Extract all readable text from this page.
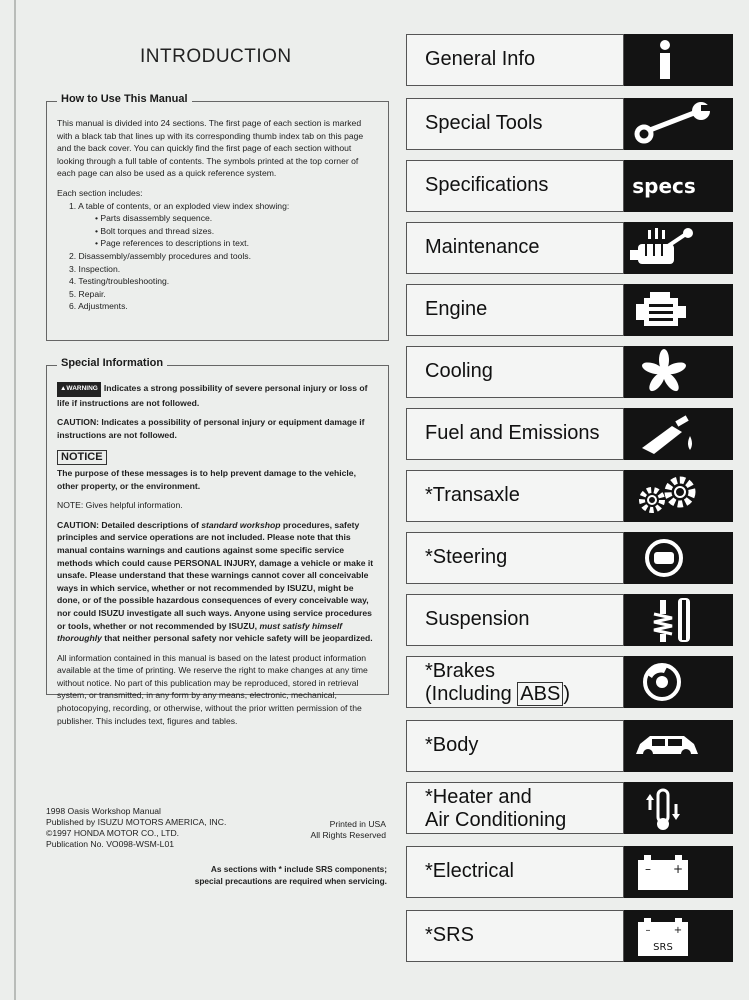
INTRODUCTION
How to Use This Manual

This manual is divided into 24 sections. The first page of each section is marked with a black tab that lines up with its corresponding thumb index tab on this page and the back cover. You can quickly find the first page of each section without looking through a full table of contents. The symbols printed at the top corner of each page can also be used as a quick reference system.

Each section includes:
1. A table of contents, or an exploded view index showing:
• Parts disassembly sequence.
• Bolt torques and thread sizes.
• Page references to descriptions in text.
2. Disassembly/assembly procedures and tools.
3. Inspection.
4. Testing/troubleshooting.
5. Repair.
6. Adjustments.
Special Information

▲WARNING Indicates a strong possibility of severe personal injury or loss of life if instructions are not followed.

CAUTION: Indicates a possibility of personal injury or equipment damage if instructions are not followed.

NOTICE

The purpose of these messages is to help prevent damage to the vehicle, other property, or the environment.

NOTE: Gives helpful information.

CAUTION: Detailed descriptions of standard workshop procedures, safety principles and service operations are not included. Please note that this manual contains warnings and cautions against some specific service methods which could cause PERSONAL INJURY, damage a vehicle or make it unsafe. Please understand that these warnings cannot cover all conceivable ways in which service, whether or not recommended by ISUZU, might be done, or of the possible hazardous consequences of every conceivable way, nor could ISUZU investigate all such ways. Anyone using service procedures or tools, whether or not recommended by ISUZU, must satisfy himself thoroughly that neither personal safety nor vehicle safety will be jeopardized.

All information contained in this manual is based on the latest product information available at the time of printing. We reserve the right to make changes at any time without notice. No part of this publication may be reproduced, stored in retrieval system, or transmitted, in any form by any means, electronic, mechanical, photocopying, recording, or otherwise, without the prior written permission of the publisher. This includes text, figures and tables.

1998 Oasis Workshop Manual
Published by ISUZU MOTORS AMERICA, INC.
©1997 HONDA MOTOR CO., LTD.
Publication No. VO098-WSM-L01
Printed in USA
All Rights Reserved
As sections with * include SRS components;
special precautions are required when servicing.
General Info
Special Tools
Specifications	specs
Maintenance
Engine
Cooling
Fuel and Emissions
*Transaxle
*Steering
Suspension
*Brakes
(Including ABS )
*Body
*Heater and
Air Conditioning
*Electrical	– +
*SRS	– +
SRS
